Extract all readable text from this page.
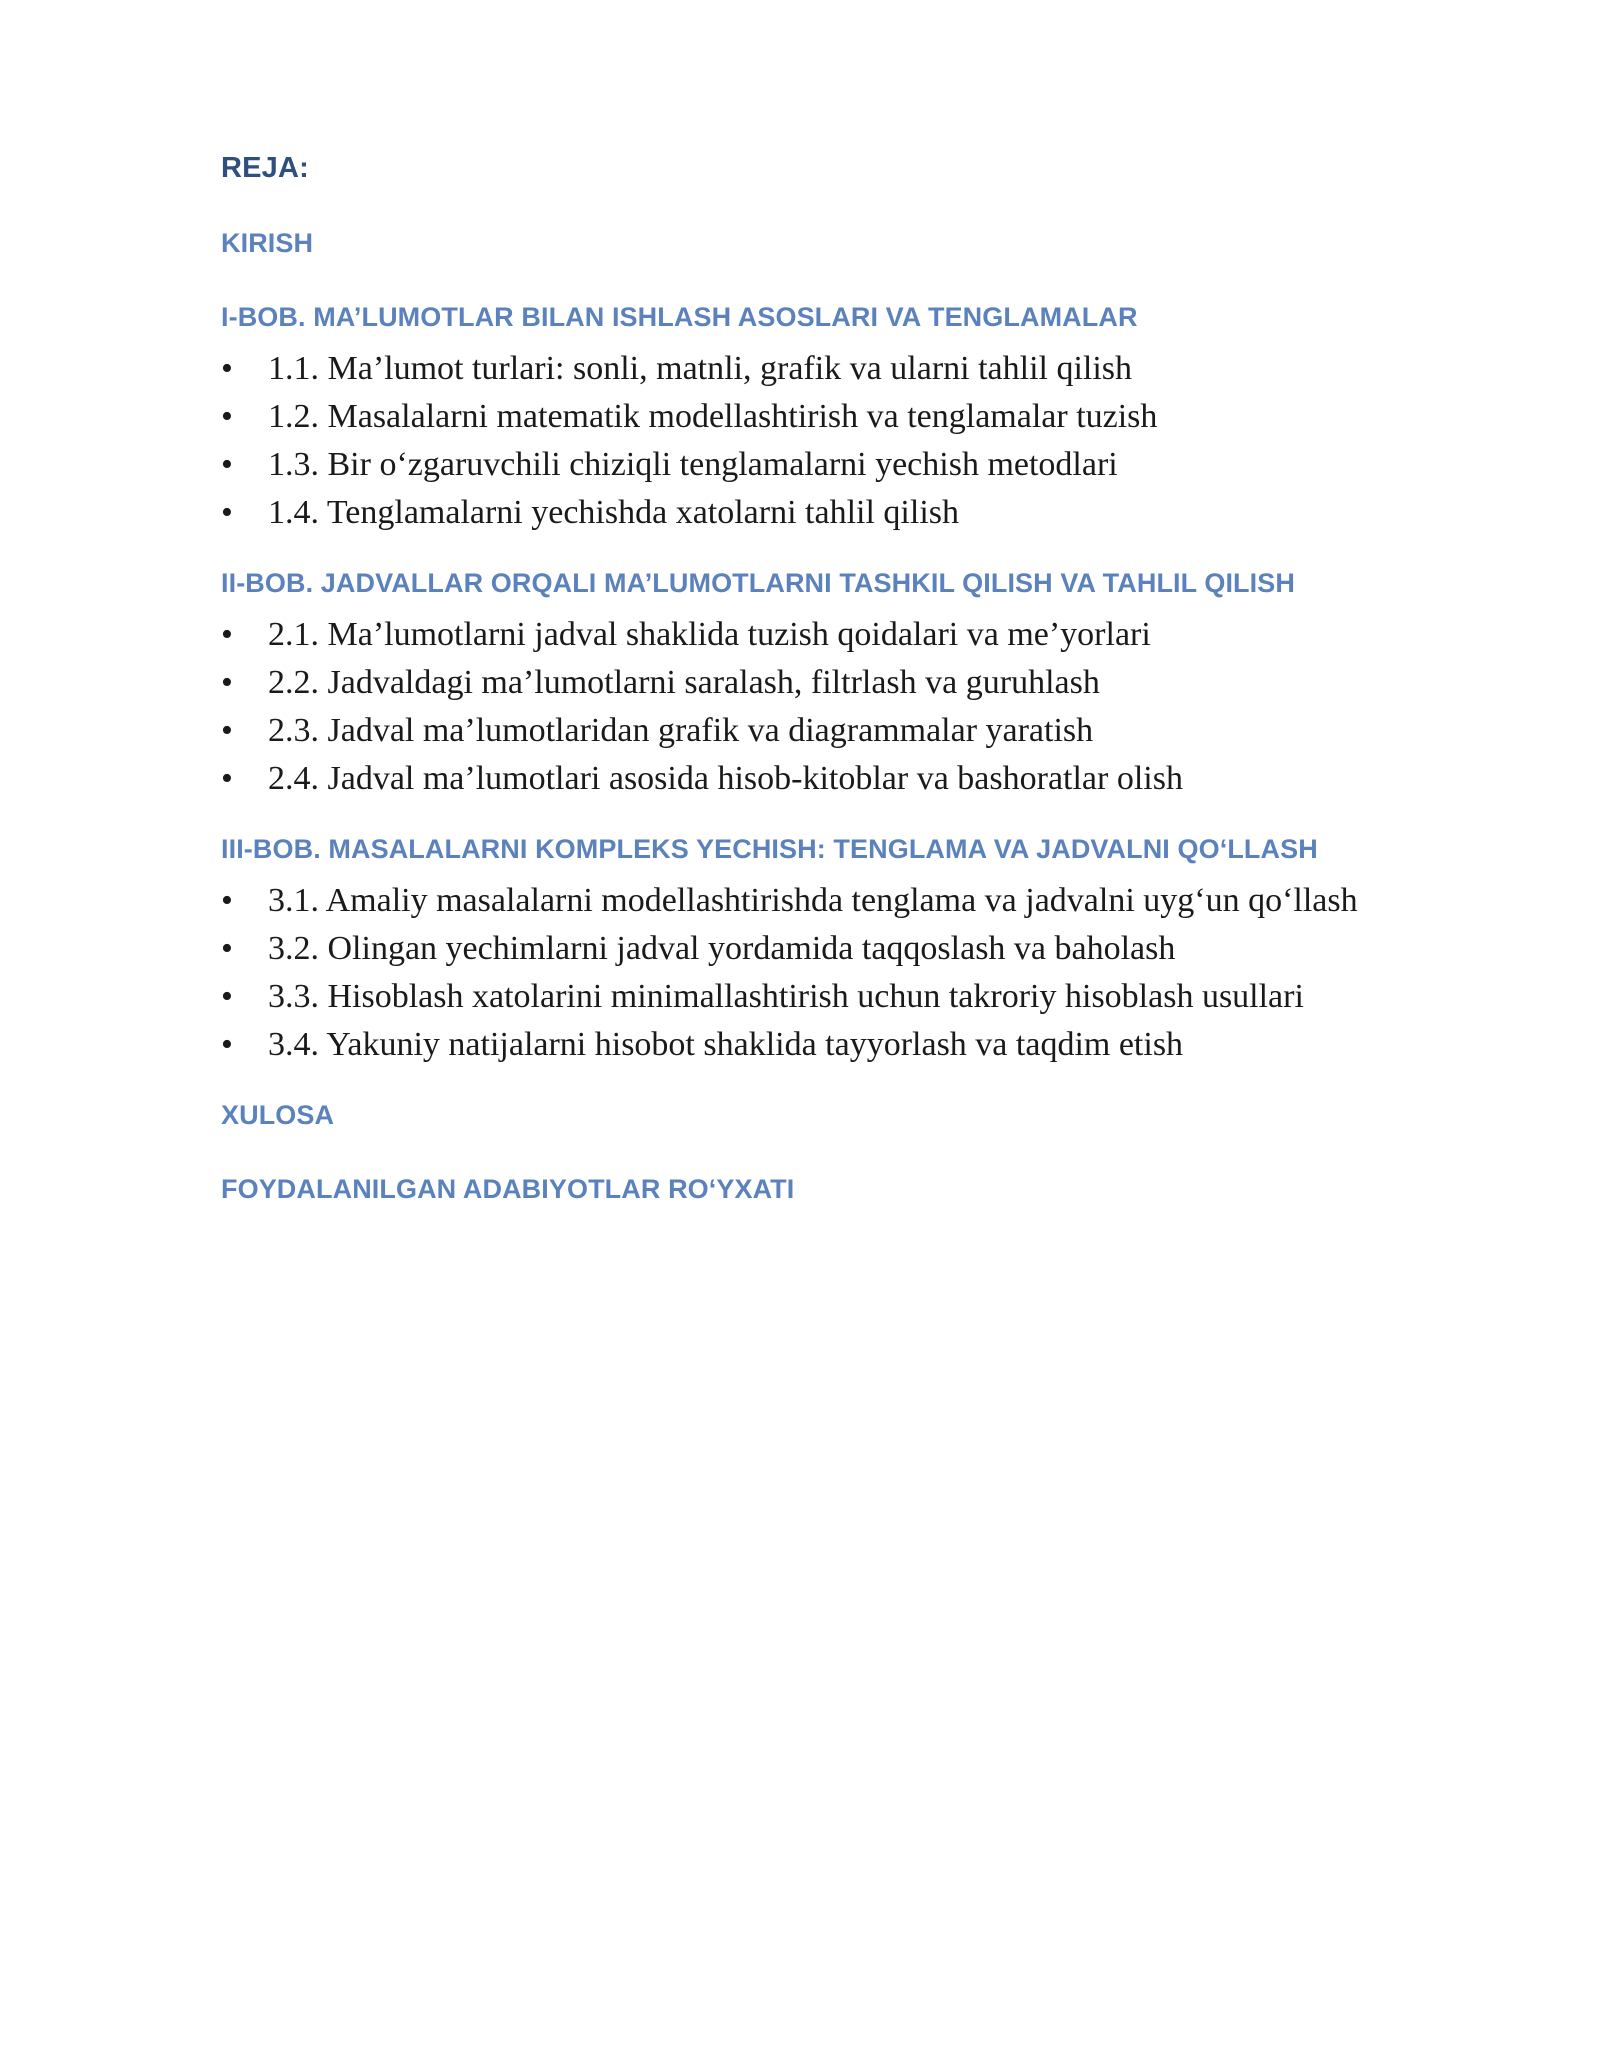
REJA:
KIRISH
I-BOB. MA’LUMOTLAR BILAN ISHLASH ASOSLARI VA TENGLAMALAR
• 1.1. Ma’lumot turlari: sonli, matnli, grafik va ularni tahlil qilish
• 1.2. Masalalarni matematik modellashtirish va tenglamalar tuzish
• 1.3. Bir o‘zgaruvchili chiziqli tenglamalarni yechish metodlari
• 1.4. Tenglamalarni yechishda xatolarni tahlil qilish
II-BOB. JADVALLAR ORQALI MA’LUMOTLARNI TASHKIL QILISH VA TAHLIL QILISH
• 2.1. Ma’lumotlarni jadval shaklida tuzish qoidalari va me’yorlari
• 2.2. Jadvaldagi ma’lumotlarni saralash, filtrlash va guruhlash
• 2.3. Jadval ma’lumotlaridan grafik va diagrammalar yaratish
• 2.4. Jadval ma’lumotlari asosida hisob-kitoblar va bashoratlar olish
III-BOB. MASALALARNI KOMPLEKS YECHISH: TENGLAMA VA JADVALNI QO‘LLASH
• 3.1. Amaliy masalalarni modellashtirishda tenglama va jadvalni uyg‘un qo‘llash
• 3.2. Olingan yechimlarni jadval yordamida taqqoslash va baholash
• 3.3. Hisoblash xatolarini minimallashtirish uchun takroriy hisoblash usullari
• 3.4. Yakuniy natijalarni hisobot shaklida tayyorlash va taqdim etish
XULOSA
FOYDALANILGAN ADABIYOTLAR RO‘YXATI
